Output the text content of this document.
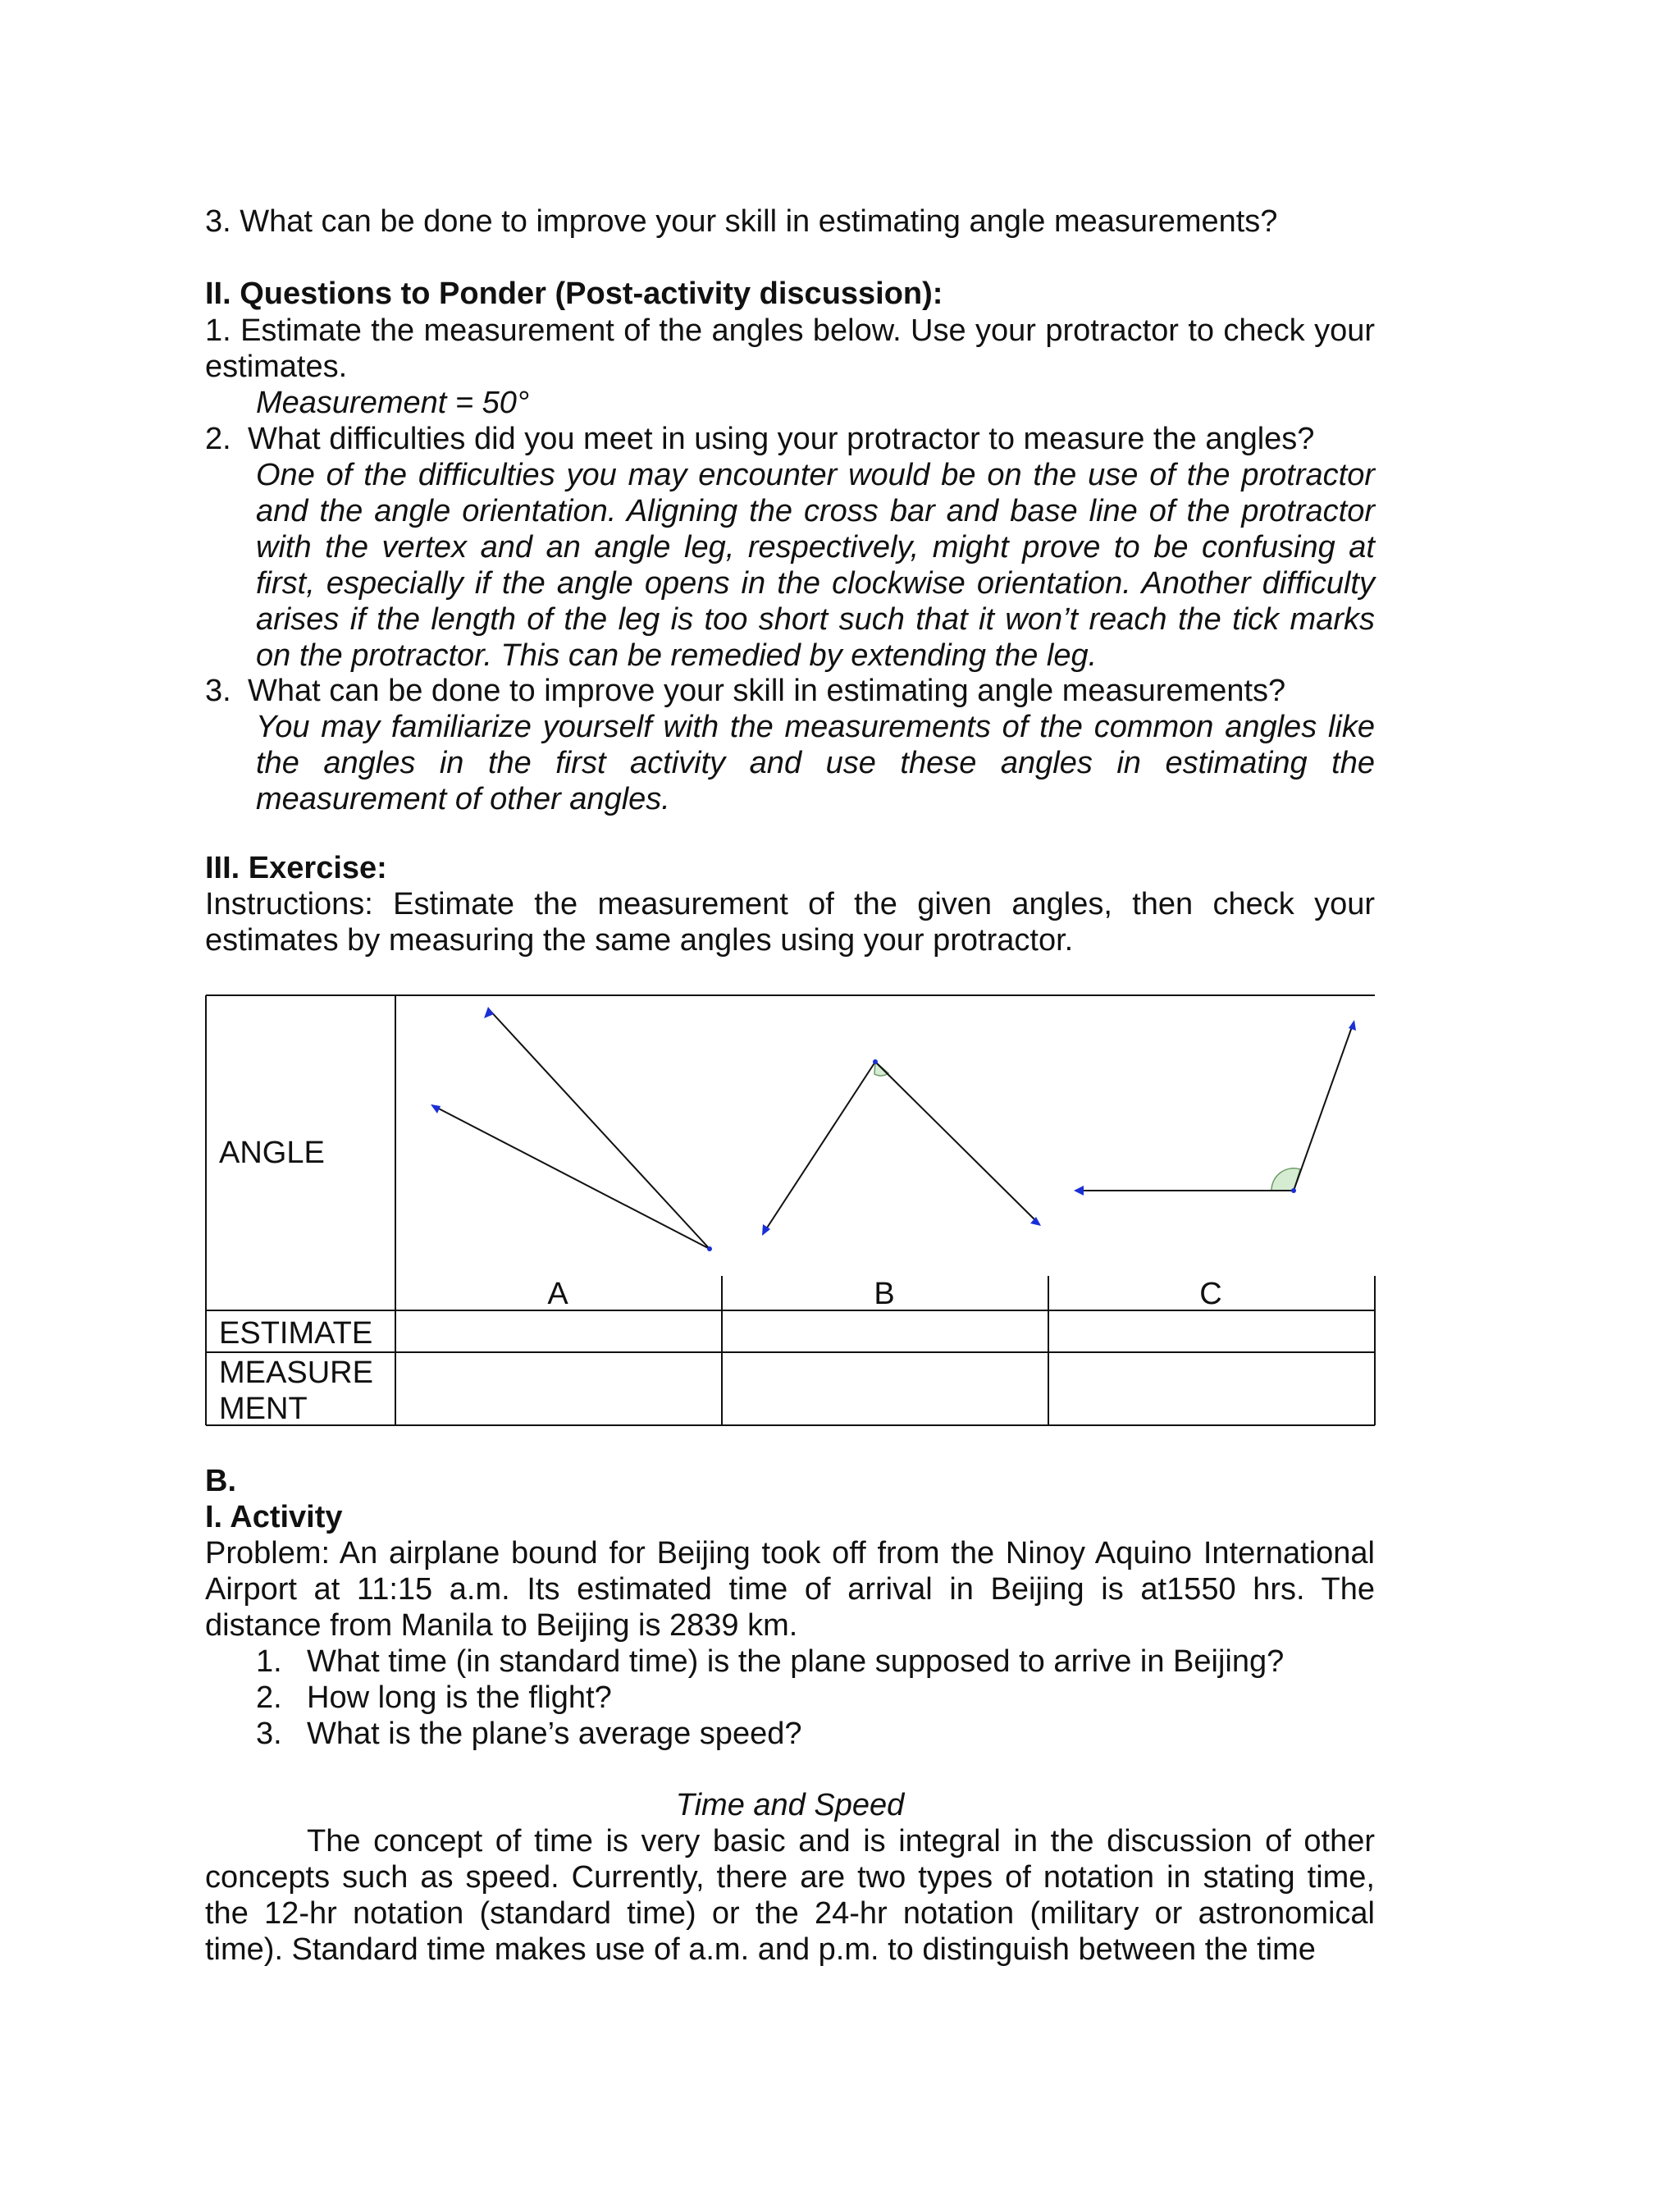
3. What can be done to improve your skill in estimating angle measurements?
II. Questions to Ponder (Post-activity discussion):
1. Estimate the measurement of the angles below. Use your protractor to check your estimates.
Measurement = 50°
2. What difficulties did you meet in using your protractor to measure the angles?
One of the difficulties you may encounter would be on the use of the protractor and the angle orientation. Aligning the cross bar and base line of the protractor with the vertex and an angle leg, respectively, might prove to be confusing at first, especially if the angle opens in the clockwise orientation. Another difficulty arises if the length of the leg is too short such that it won’t reach the tick marks on the protractor. This can be remedied by extending the leg.
3. What can be done to improve your skill in estimating angle measurements?
You may familiarize yourself with the measurements of the common angles like the angles in the first activity and use these angles in estimating the measurement of other angles.
III. Exercise:
Instructions: Estimate the measurement of the given angles, then check your estimates by measuring the same angles using your protractor.
ANGLE
ESTIMATE
MEASURE
MENT
A	B	C
B.
I. Activity
Problem: An airplane bound for Beijing took off from the Ninoy Aquino International Airport at 11:15 a.m. Its estimated time of arrival in Beijing is at1550 hrs. The distance from Manila to Beijing is 2839 km.
1. What time (in standard time) is the plane supposed to arrive in Beijing?
2. How long is the flight?
3. What is the plane’s average speed?
Time and Speed
The concept of time is very basic and is integral in the discussion of other concepts such as speed. Currently, there are two types of notation in stating time, the 12-hr notation (standard time) or the 24-hr notation (military or astronomical time). Standard time makes use of a.m. and p.m. to distinguish between the time
